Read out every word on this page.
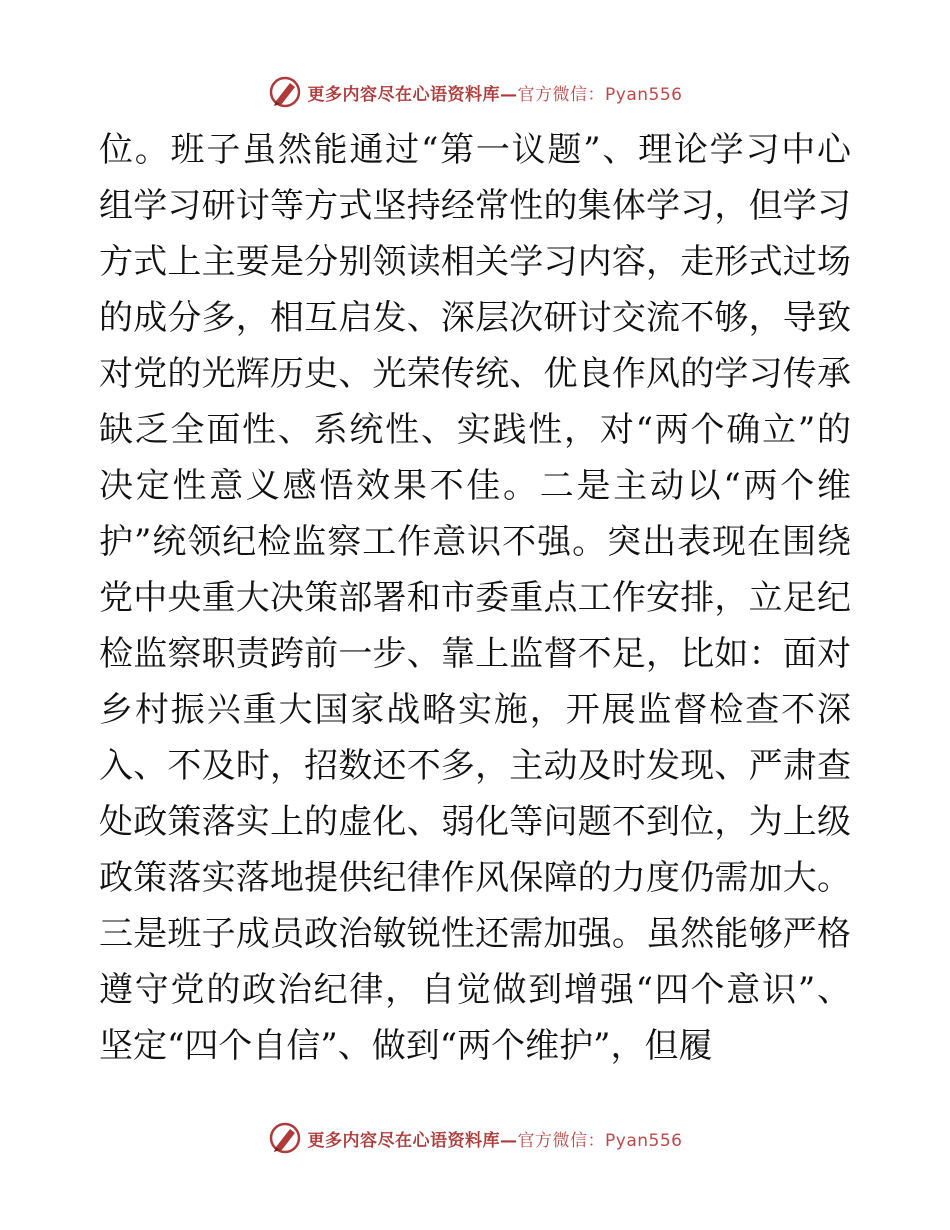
更多内容尽在心语资料库— 官方微信：Pyan556
位。班子虽然能通过“第一议题”、理论学习中心
组学习研讨等方式坚持经常性的集体学习，但学习
方式上主要是分别领读相关学习内容，走形式过场
的成分多，相互启发、深层次研讨交流不够，导致
对党的光辉历史、光荣传统、优良作风的学习传承
缺乏全面性、系统性、实践性，对“两个确立”的
决定性意义感悟效果不佳。二是主动以“两个维
护”统领纪检监察工作意识不强。突出表现在围绕
党中央重大决策部署和市委重点工作安排，立足纪
检监察职责跨前一步、靠上监督不足，比如：面对
乡村振兴重大国家战略实施，开展监督检查不深
入、不及时，招数还不多，主动及时发现、严肃查
处政策落实上的虚化、弱化等问题不到位，为上级
政策落实落地提供纪律作风保障的力度仍需加大。
三是班子成员政治敏锐性还需加强。虽然能够严格
遵守党的政治纪律，自觉做到增强“四个意识”、
坚定“四个自信”、做到“两个维护”，但履
更多内容尽在心语资料库— 官方微信：Pyan556
